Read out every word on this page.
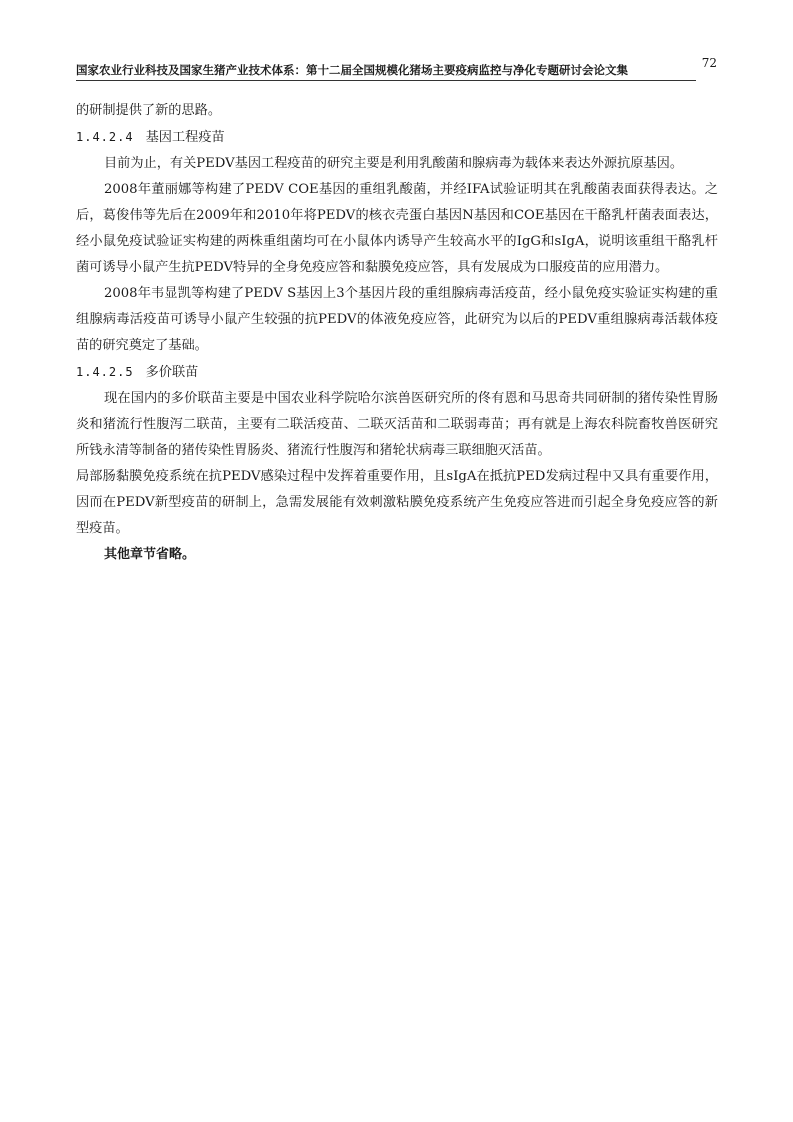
国家农业行业科技及国家生猪产业技术体系：第十二届全国规模化猪场主要疫病监控与净化专题研讨会论文集	72

的研制提供了新的思路。

1.4.2.4 基因工程疫苗

目前为止，有关PEDV基因工程疫苗的研究主要是利用乳酸菌和腺病毒为载体来表达外源抗原基因。

2008年董丽娜等构建了PEDV COE基因的重组乳酸菌，并经IFA试验证明其在乳酸菌表面获得表达。之后，葛俊伟等先后在2009年和2010年将PEDV的核衣壳蛋白基因N基因和COE基因在干酪乳杆菌表面表达，经小鼠免疫试验证实构建的两株重组菌均可在小鼠体内诱导产生较高水平的IgG和sIgA，说明该重组干酪乳杆菌可诱导小鼠产生抗PEDV特异的全身免疫应答和黏膜免疫应答，具有发展成为口服疫苗的应用潜力。

2008年韦显凯等构建了PEDV S基因上3个基因片段的重组腺病毒活疫苗，经小鼠免疫实验证实构建的重组腺病毒活疫苗可诱导小鼠产生较强的抗PEDV的体液免疫应答，此研究为以后的PEDV重组腺病毒活载体疫苗的研究奠定了基础。

1.4.2.5 多价联苗

现在国内的多价联苗主要是中国农业科学院哈尔滨兽医研究所的佟有恩和马思奇共同研制的猪传染性胃肠炎和猪流行性腹泻二联苗，主要有二联活疫苗、二联灭活苗和二联弱毒苗；再有就是上海农科院畜牧兽医研究所钱永清等制备的猪传染性胃肠炎、猪流行性腹泻和猪轮状病毒三联细胞灭活苗。

局部肠黏膜免疫系统在抗PEDV感染过程中发挥着重要作用，且sIgA在抵抗PED发病过程中又具有重要作用，因而在PEDV新型疫苗的研制上，急需发展能有效刺激粘膜免疫系统产生免疫应答进而引起全身免疫应答的新型疫苗。

其他章节省略。
